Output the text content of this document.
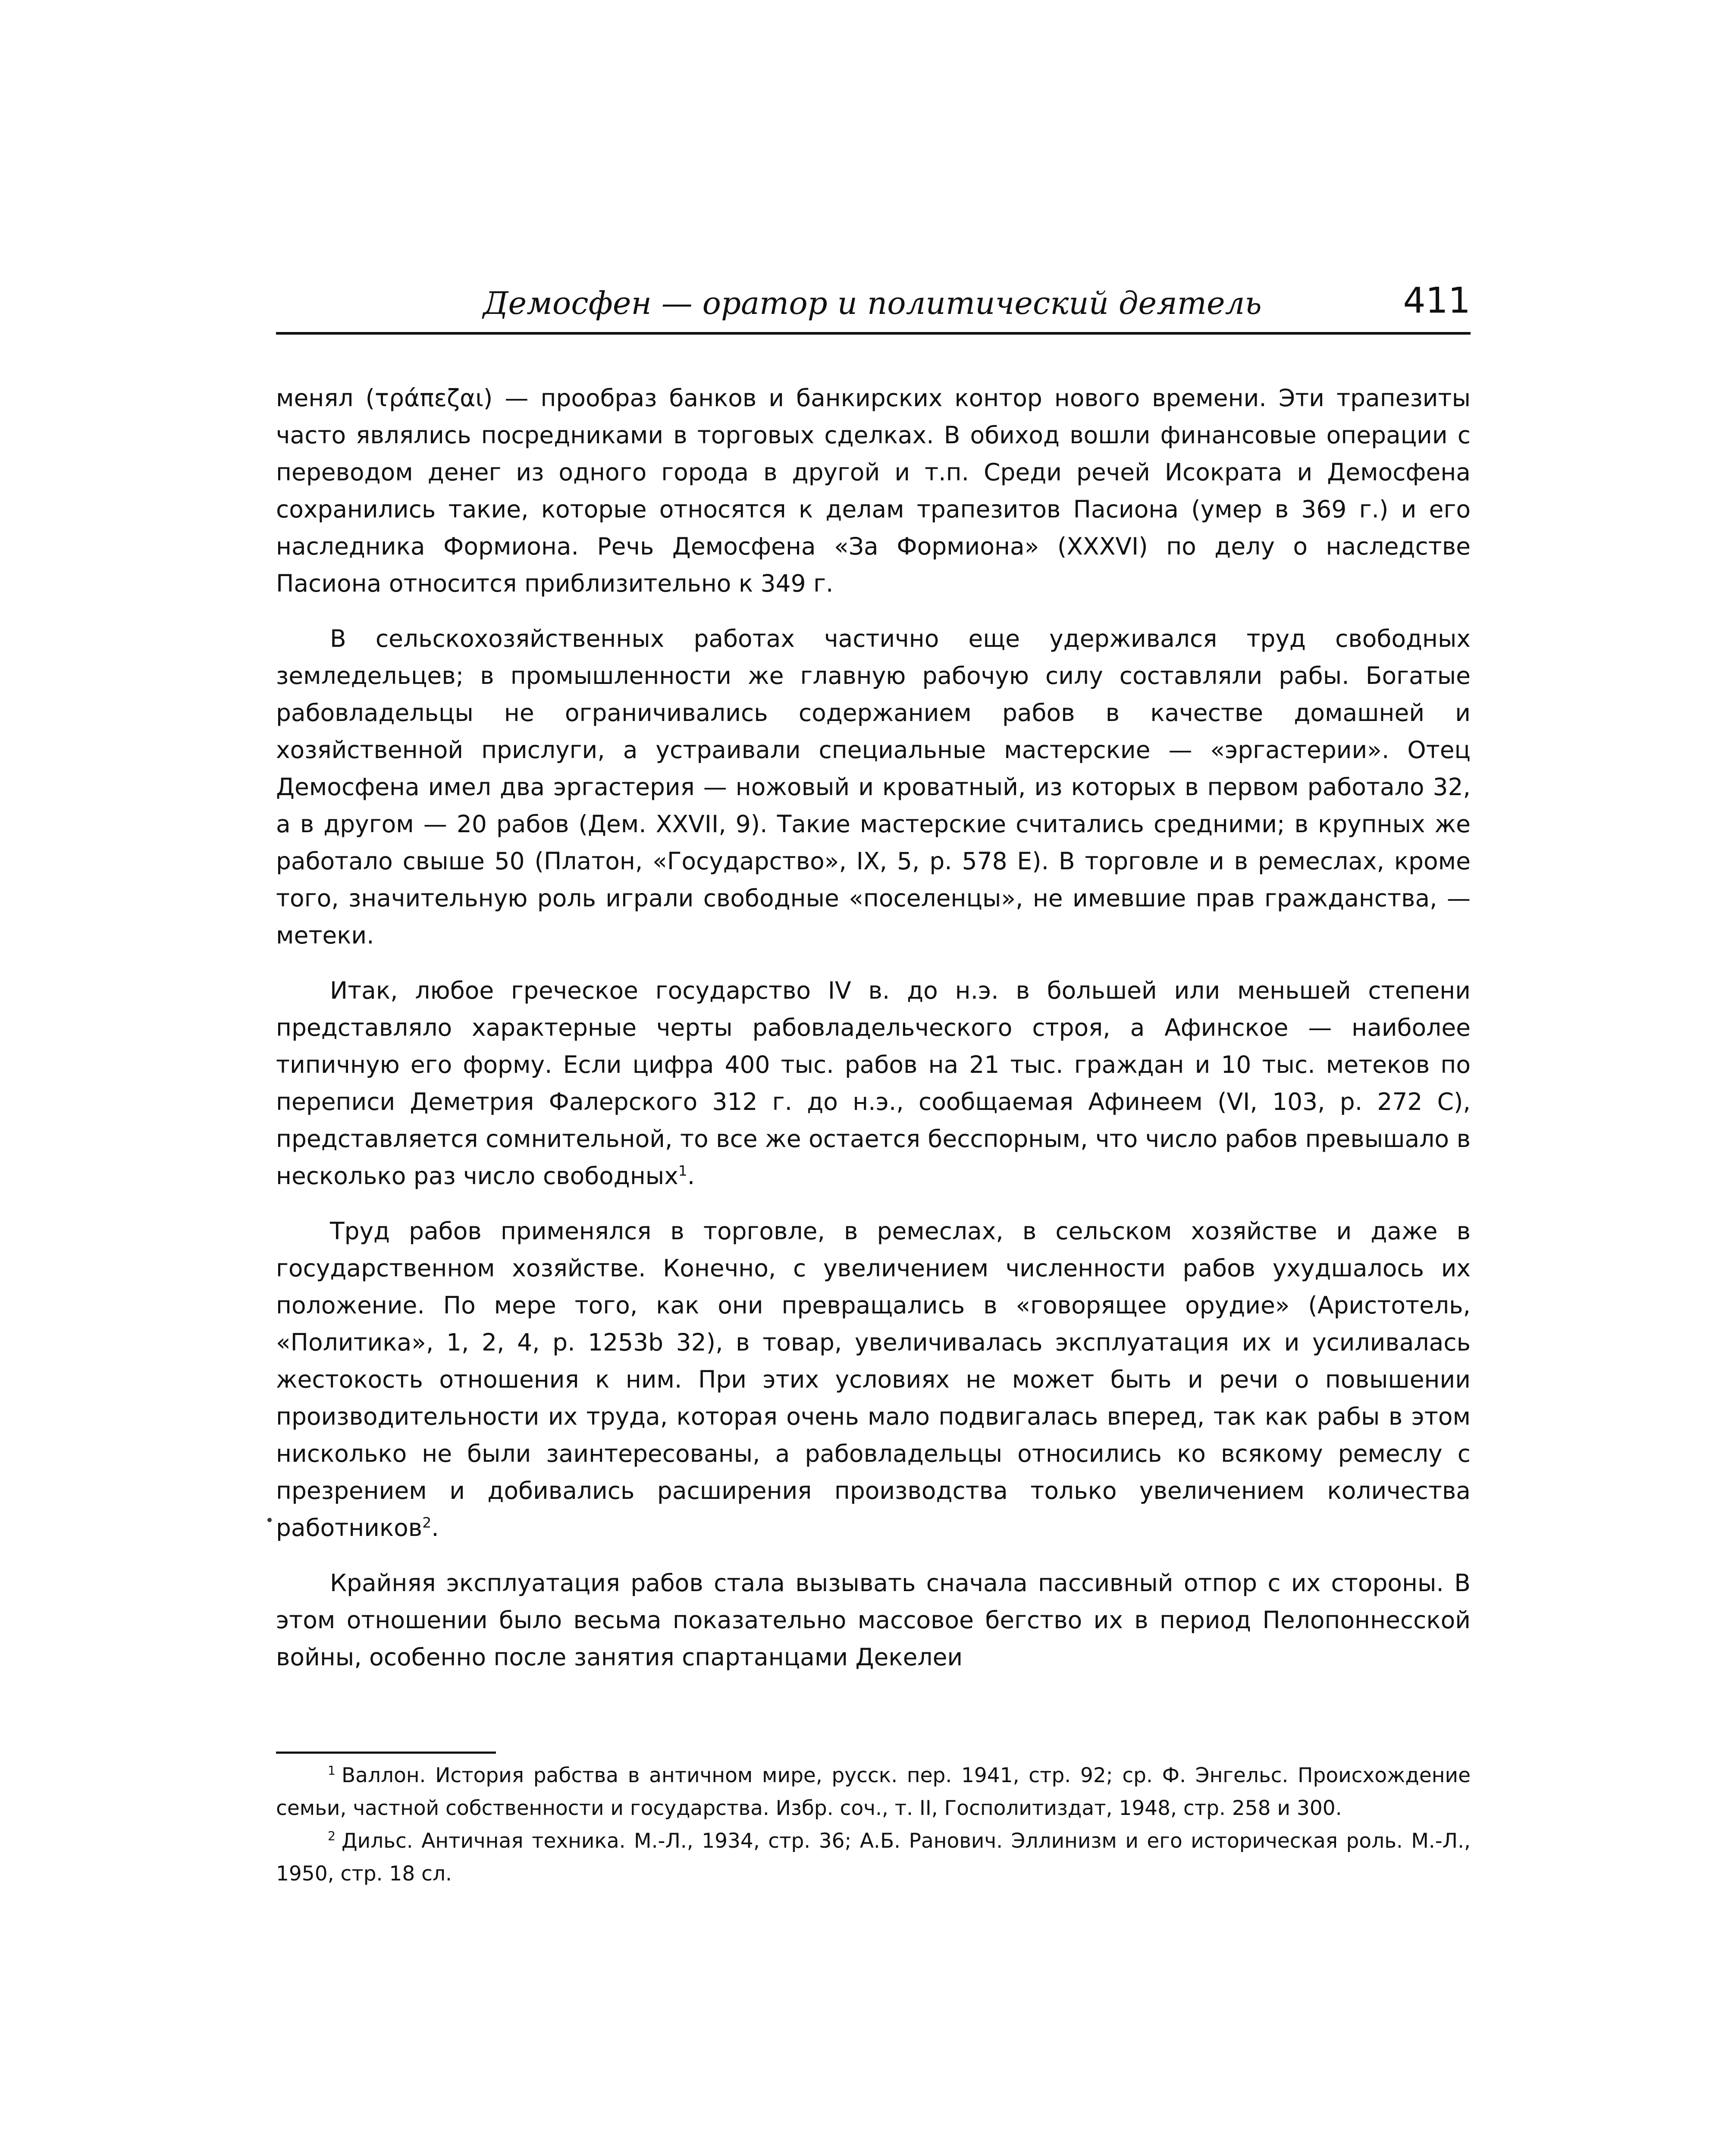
Демосфен — оратор и политический деятель	411

менял (τράπεζαι) — прообраз банков и банкирских контор нового времени. Эти трапезиты часто являлись посредниками в торговых сделках. В обиход вошли финансовые операции с переводом денег из одного города в другой и т.п. Среди речей Исократа и Демосфена сохранились такие, которые относятся к делам трапезитов Пасиона (умер в 369 г.) и его наследника Формиона. Речь Демосфена «За Формиона» (XXXVI) по делу о наследстве Пасиона относится приблизительно к 349 г.

В сельскохозяйственных работах частично еще удерживался труд свободных земледельцев; в промышленности же главную рабочую силу составляли рабы. Богатые рабовладельцы не ограничивались содержанием рабов в качестве домашней и хозяйственной прислуги, а устраивали специальные мастерские — «эргастерии». Отец Демосфена имел два эргастерия — ножовый и кроватный, из которых в первом работало 32, а в другом — 20 рабов (Дем. XXVII, 9). Такие мастерские считались средними; в крупных же работало свыше 50 (Платон, «Государство», IX, 5, p. 578 E). В торговле и в ремеслах, кроме того, значительную роль играли свободные «поселенцы», не имевшие прав гражданства, — метеки.

Итак, любое греческое государство IV в. до н.э. в большей или меньшей степени представляло характерные черты рабовладельческого строя, а Афинское — наиболее типичную его форму. Если цифра 400 тыс. рабов на 21 тыс. граждан и 10 тыс. метеков по переписи Деметрия Фалерского 312 г. до н.э., сообщаемая Афинеем (VI, 103, p. 272 C), представляется сомнительной, то все же остается бесспорным, что число рабов превышало в несколько раз число свободных$^1$.

Труд рабов применялся в торговле, в ремеслах, в сельском хозяйстве и даже в государственном хозяйстве. Конечно, с увеличением численности рабов ухудшалось их положение. По мере того, как они превращались в «говорящее орудие» (Аристотель, «Политика», 1, 2, 4, p. 1253b 32), в товар, увеличивалась эксплуатация их и усиливалась жестокость отношения к ним. При этих условиях не может быть и речи о повышении производительности их труда, которая очень мало подвигалась вперед, так как рабы в этом нисколько не были заинтересованы, а рабовладельцы относились ко всякому ремеслу с презрением и добивались расширения производства только увеличением количества работников$^2$.

Крайняя эксплуатация рабов стала вызывать сначала пассивный отпор с их стороны. В этом отношении было весьма показательно массовое бегство их в период Пелопоннесской войны, особенно после занятия спартанцами Декелеи

$^1$ Валлон. История рабства в античном мире, русск. пер. 1941, стр. 92; ср. Ф. Энгельс. Происхождение семьи, частной собственности и государства. Избр. соч., т. II, Госполитиздат, 1948, стр. 258 и 300.

$^2$ Дильс. Античная техника. М.-Л., 1934, стр. 36; А.Б. Ранович. Эллинизм и его историческая роль. М.-Л., 1950, стр. 18 сл.
